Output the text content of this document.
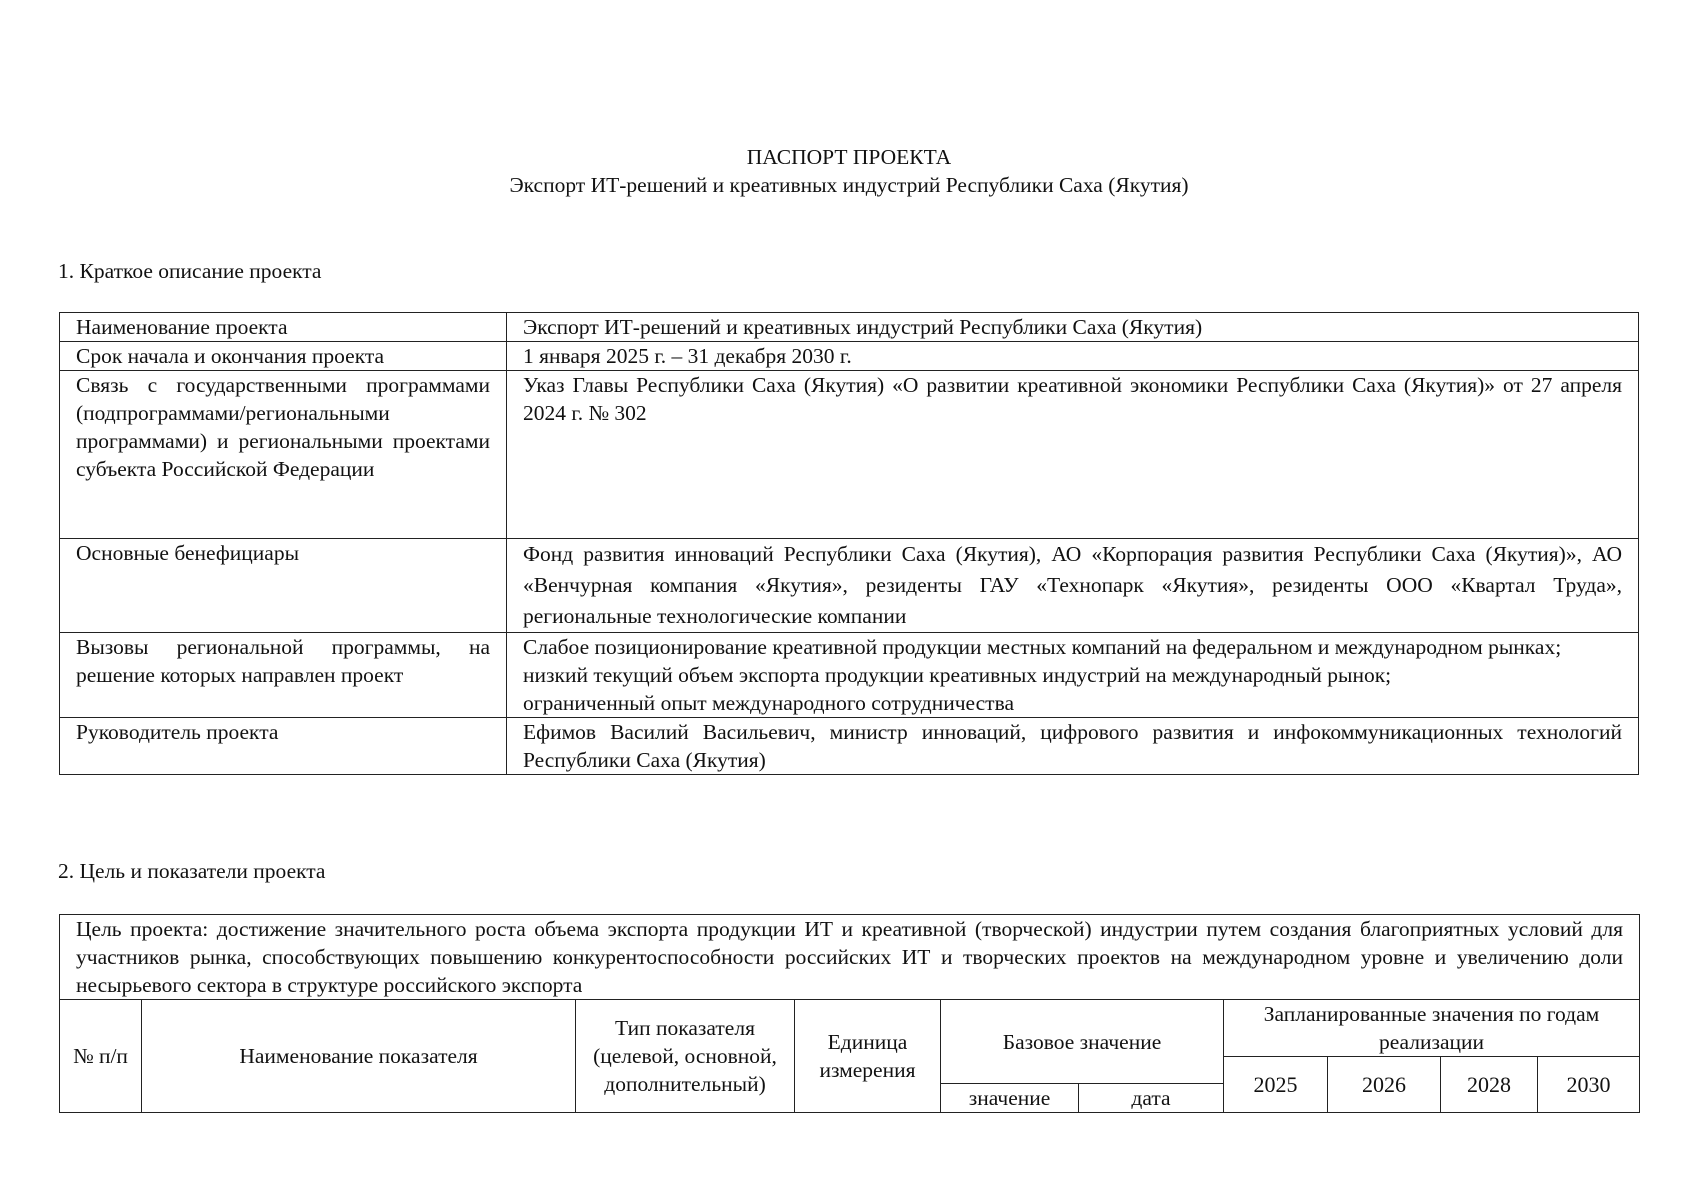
ПАСПОРТ ПРОЕКТА
Экспорт ИТ-решений и креативных индустрий Республики Саха (Якутия)
1. Краткое описание проекта
Наименование проекта	Экспорт ИТ-решений и креативных индустрий Республики Саха (Якутия)
Срок начала и окончания проекта	1 января 2025 г. – 31 декабря 2030 г.
Связь с государственными программами (подпрограммами/региональными программами) и региональными проектами субъекта Российской Федерации	Указ Главы Республики Саха (Якутия) «О развитии креативной экономики Республики Саха (Якутия)» от 27 апреля 2024 г. № 302
Основные бенефициары	Фонд развития инноваций Республики Саха (Якутия), АО «Корпорация развития Республики Саха (Якутия)», АО «Венчурная компания «Якутия», резиденты ГАУ «Технопарк «Якутия», резиденты ООО «Квартал Труда», региональные технологические компании
Вызовы региональной программы, на решение которых направлен проект	Слабое позиционирование креативной продукции местных компаний на федеральном и международном рынках;
низкий текущий объем экспорта продукции креативных индустрий на международный рынок;
ограниченный опыт международного сотрудничества

Руководитель проекта	Ефимов Василий Васильевич, министр инноваций, цифрового развития и инфокоммуникационных технологий Республики Саха (Якутия)
2. Цель и показатели проекта
Цель проекта: достижение значительного роста объема экспорта продукции ИТ и креативной (творческой) индустрии путем создания благоприятных условий для участников рынка, способствующих повышению конкурентоспособности российских ИТ и творческих проектов на международном уровне и увеличению доли несырьевого сектора в структуре российского экспорта									
№ п/п	Наименование показателя	Тип показателя (целевой, основной, дополнительный)	Единица измерения	Базовое значение		Запланированные значения по годам реализации			
						2025	2026	2028	2030
				значение	дата				
